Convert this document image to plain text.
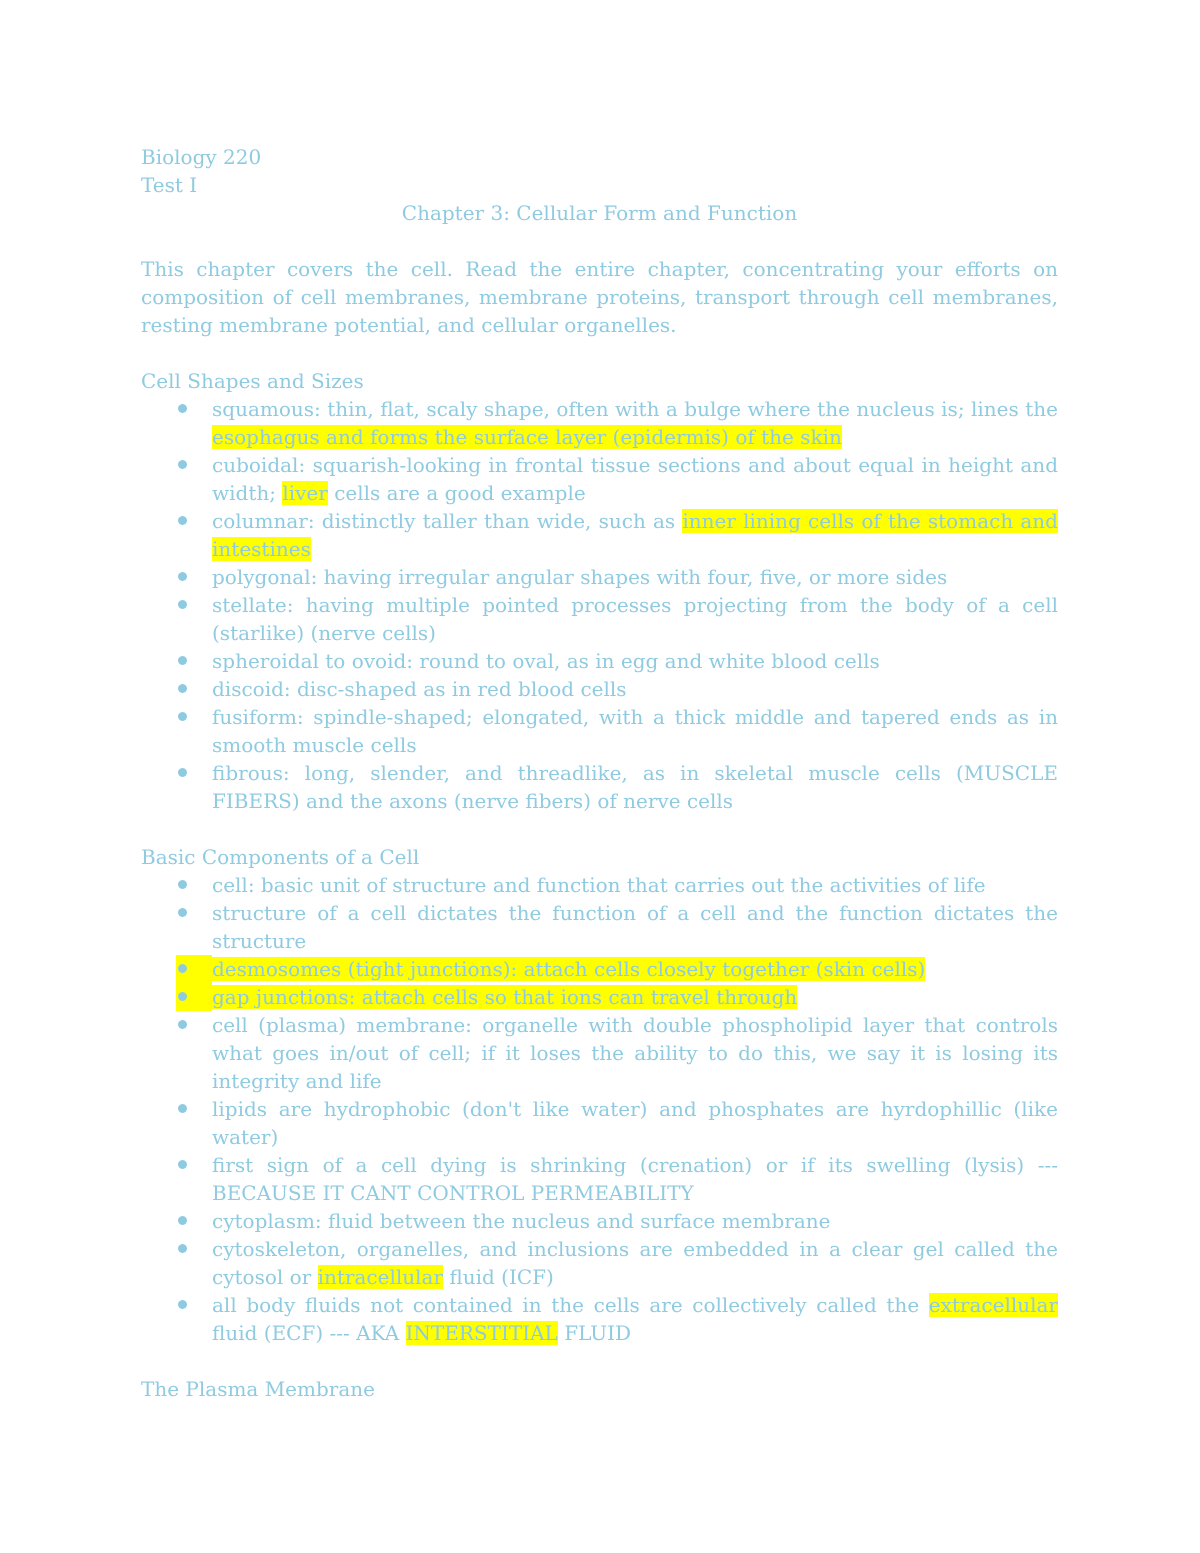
Biology 220

Test I

Chapter 3: Cellular Form and Function

This chapter covers the cell. Read the entire chapter, concentrating your efforts on composition of cell membranes, membrane proteins, transport through cell membranes, resting membrane potential, and cellular organelles.

Cell Shapes and Sizes

squamous: thin, flat, scaly shape, often with a bulge where the nucleus is; lines the esophagus and forms the surface layer (epidermis) of the skin
cuboidal: squarish-looking in frontal tissue sections and about equal in height and width; liver cells are a good example
columnar: distinctly taller than wide, such as inner lining cells of the stomach and intestines
polygonal: having irregular angular shapes with four, five, or more sides
stellate: having multiple pointed processes projecting from the body of a cell (starlike) (nerve cells)
spheroidal to ovoid: round to oval, as in egg and white blood cells
discoid: disc-shaped as in red blood cells
fusiform: spindle-shaped; elongated, with a thick middle and tapered ends as in smooth muscle cells
fibrous: long, slender, and threadlike, as in skeletal muscle cells (MUSCLE FIBERS) and the axons (nerve fibers) of nerve cells

Basic Components of a Cell

cell: basic unit of structure and function that carries out the activities of life
structure of a cell dictates the function of a cell and the function dictates the structure
desmosomes (tight junctions): attach cells closely together (skin cells)
gap junctions: attach cells so that ions can travel through
cell (plasma) membrane: organelle with double phospholipid layer that controls what goes in/out of cell; if it loses the ability to do this, we say it is losing its integrity and life
lipids are hydrophobic (don't like water) and phosphates are hyrdophillic (like water)
first sign of a cell dying is shrinking (crenation) or if its swelling (lysis) --- BECAUSE IT CANT CONTROL PERMEABILITY
cytoplasm: fluid between the nucleus and surface membrane
cytoskeleton, organelles, and inclusions are embedded in a clear gel called the cytosol or intracellular fluid (ICF)
all body fluids not contained in the cells are collectively called the extracellular fluid (ECF) --- AKA INTERSTITIAL FLUID

The Plasma Membrane
